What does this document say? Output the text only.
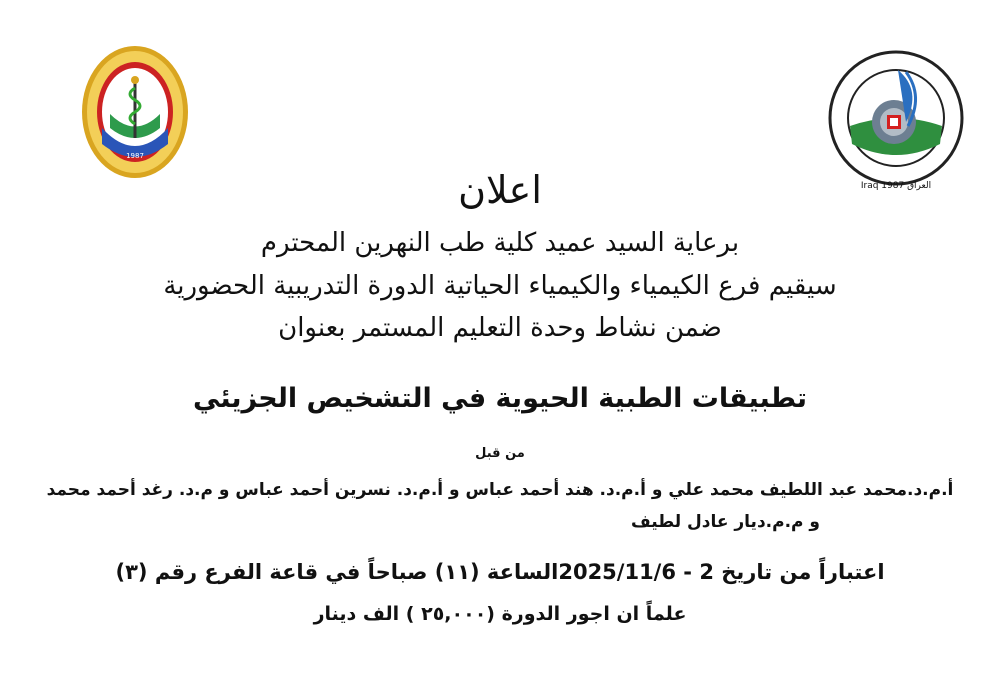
1987
Iraq 1987 العراق
اعلان
برعاية السيد عميد كلية طب النهرين المحترم
سيقيم فرع الكيمياء والكيمياء الحياتية الدورة التدريبية الحضورية
ضمن نشاط وحدة التعليم المستمر بعنوان
تطبيقات الطبية الحيوية في التشخيص الجزيئي
من قبل
أ.م.د.محمد عبد اللطيف محمد علي و أ.م.د. هند أحمد عباس و أ.م.د. نسرين أحمد عباس و م.د. رغد أحمد محمد
و م.م.ديار عادل لطيف
اعتباراً من تاريخ 2 - 2025/11/6الساعة (١١) صباحاً في قاعة الفرع رقم (٣)
علماً ان اجور الدورة (٢٥,٠٠٠ ) الف دينار
